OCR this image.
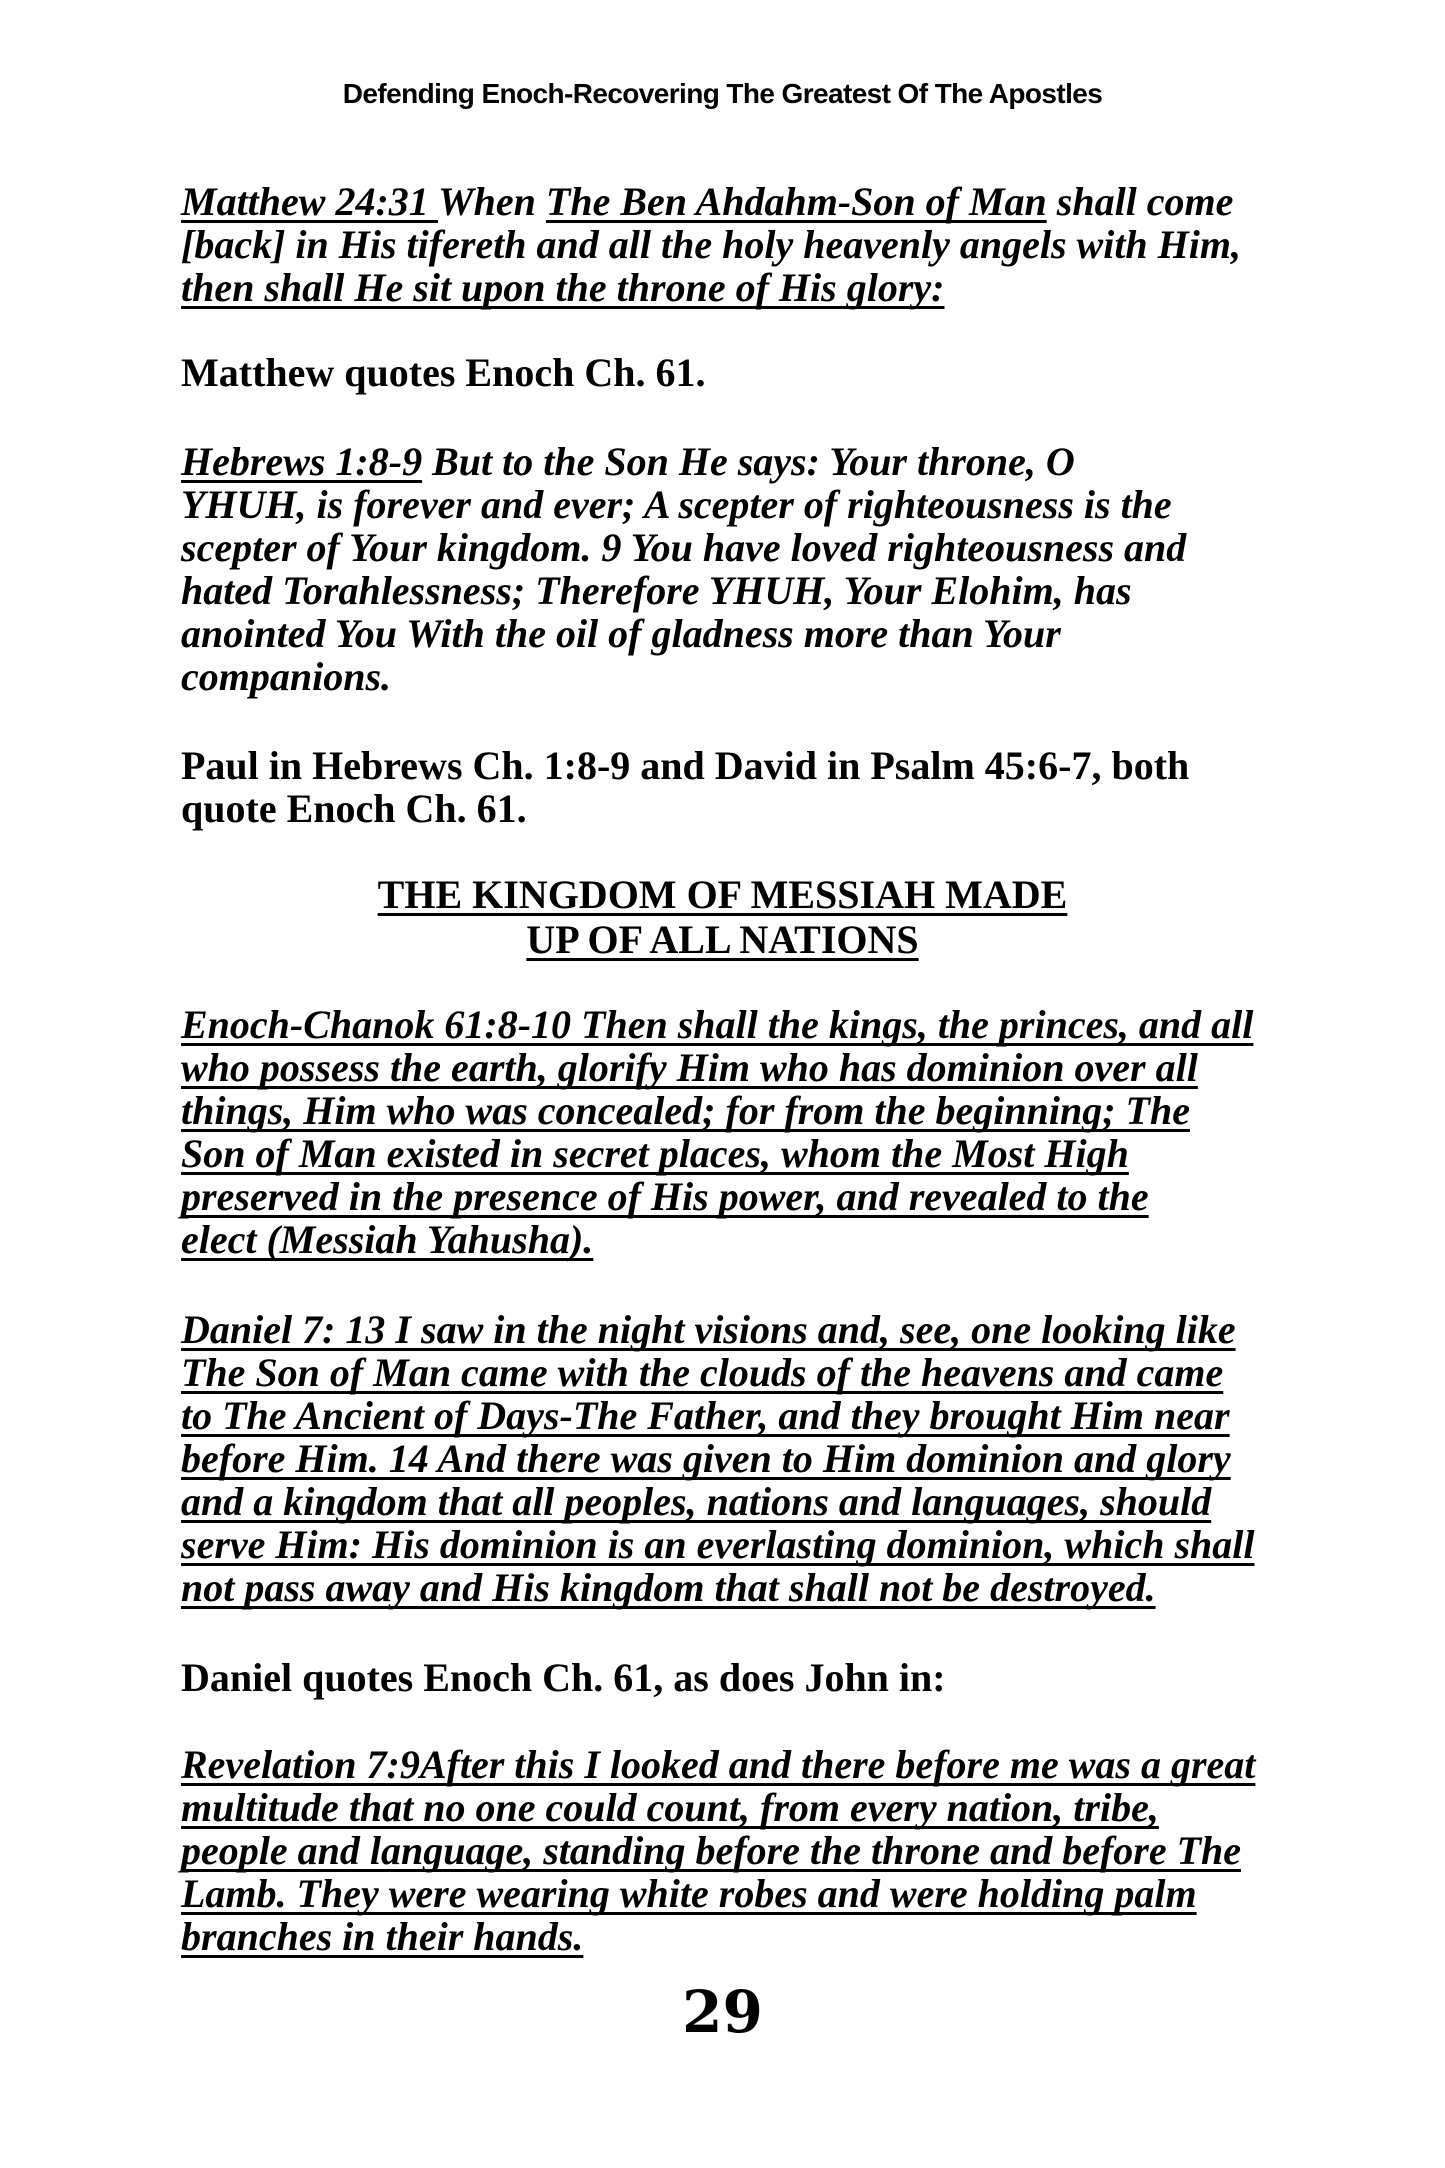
Defending Enoch-Recovering The Greatest Of The Apostles
Matthew 24:31 When The Ben Ahdahm-Son of Man shall come
[back] in His tifereth and all the holy heavenly angels with Him,
then shall He sit upon the throne of His glory:
Matthew quotes Enoch Ch. 61.
Hebrews 1:8-9 But to the Son He says: Your throne, O
YHUH, is forever and ever; A scepter of righteousness is the
scepter of Your kingdom. 9 You have loved righteousness and
hated Torahlessness; Therefore YHUH, Your Elohim, has
anointed You With the oil of gladness more than Your
companions.
Paul in Hebrews Ch. 1:8-9 and David in Psalm 45:6-7, both
quote Enoch Ch. 61.
THE KINGDOM OF MESSIAH MADE
UP OF ALL NATIONS
Enoch-Chanok 61:8-10 Then shall the kings, the princes, and all
who possess the earth, glorify Him who has dominion over all
things, Him who was concealed; for from the beginning; The
Son of Man existed in secret places, whom the Most High
preserved in the presence of His power, and revealed to the
elect (Messiah Yahusha).
Daniel 7: 13 I saw in the night visions and, see, one looking like
The Son of Man came with the clouds of the heavens and came
to The Ancient of Days-The Father, and they brought Him near
before Him. 14 And there was given to Him dominion and glory
and a kingdom that all peoples, nations and languages, should
serve Him: His dominion is an everlasting dominion, which shall
not pass away and His kingdom that shall not be destroyed.
Daniel quotes Enoch Ch. 61, as does John in:
Revelation 7:9After this I looked and there before me was a great
multitude that no one could count, from every nation, tribe,
people and language, standing before the throne and before The
Lamb. They were wearing white robes and were holding palm
branches in their hands.
29
